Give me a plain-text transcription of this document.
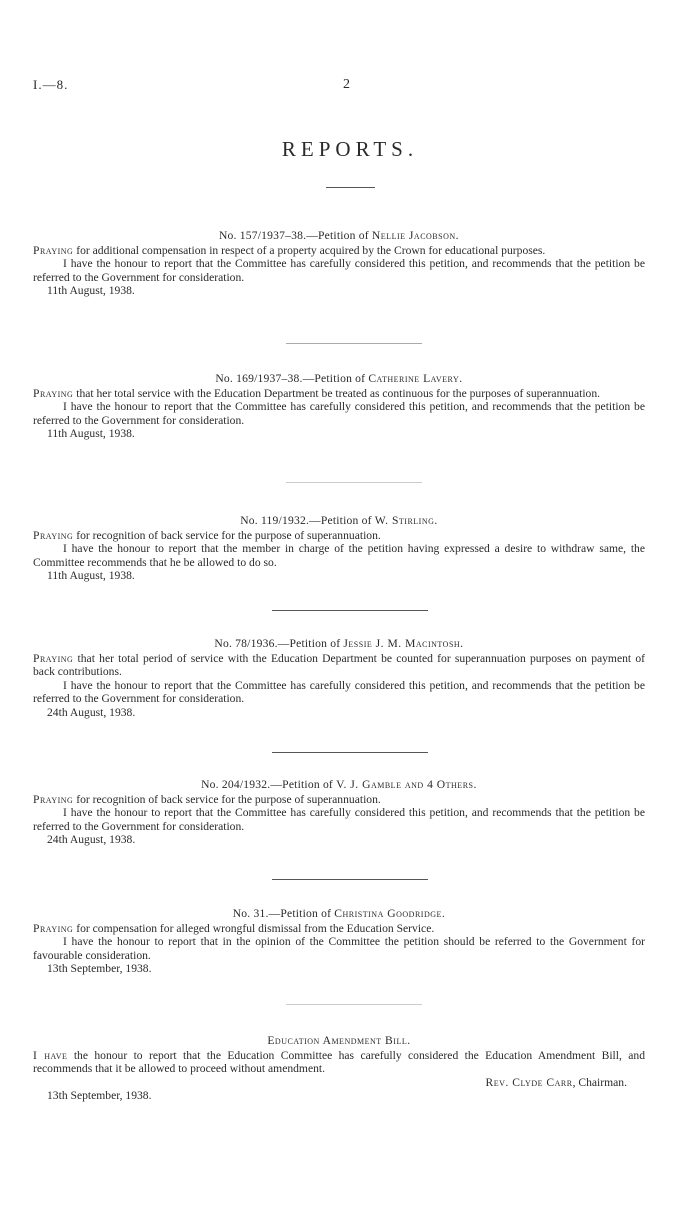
I.—8.	2
REPORTS.
No. 157/1937–38.—Petition of Nellie Jacobson.
Praying for additional compensation in respect of a property acquired by the Crown for educational purposes.
I have the honour to report that the Committee has carefully considered this petition, and recommends that the petition be referred to the Government for consideration.
11th August, 1938.
No. 169/1937–38.—Petition of Catherine Lavery.
Praying that her total service with the Education Department be treated as continuous for the purposes of superannuation.
I have the honour to report that the Committee has carefully considered this petition, and recommends that the petition be referred to the Government for consideration.
11th August, 1938.
No. 119/1932.—Petition of W. Stirling.
Praying for recognition of back service for the purpose of superannuation.
I have the honour to report that the member in charge of the petition having expressed a desire to withdraw same, the Committee recommends that he be allowed to do so.
11th August, 1938.
No. 78/1936.—Petition of Jessie J. M. Macintosh.
Praying that her total period of service with the Education Department be counted for superannuation purposes on payment of back contributions.
I have the honour to report that the Committee has carefully considered this petition, and recommends that the petition be referred to the Government for consideration.
24th August, 1938.
No. 204/1932.—Petition of V. J. Gamble and 4 Others.
Praying for recognition of back service for the purpose of superannuation.
I have the honour to report that the Committee has carefully considered this petition, and recommends that the petition be referred to the Government for consideration.
24th August, 1938.
No. 31.—Petition of Christina Goodridge.
Praying for compensation for alleged wrongful dismissal from the Education Service.
I have the honour to report that in the opinion of the Committee the petition should be referred to the Government for favourable consideration.
13th September, 1938.
Education Amendment Bill.
I have the honour to report that the Education Committee has carefully considered the Education Amendment Bill, and recommends that it be allowed to proceed without amendment.
Rev. Clyde Carr, Chairman.
13th September, 1938.
